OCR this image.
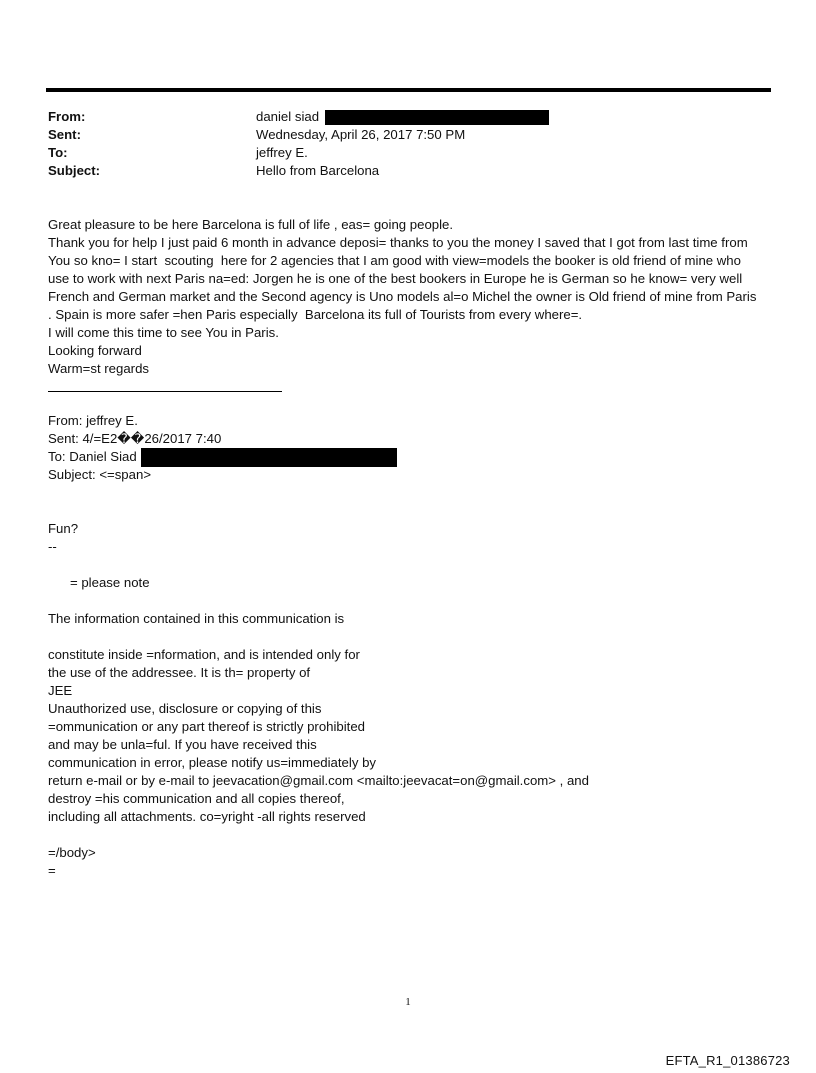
From:	daniel siad
Sent:	Wednesday, April 26, 2017 7:50 PM
To:	jeffrey E.
Subject:	Hello from Barcelona
Great pleasure to be here Barcelona is full of life , eas= going people.
Thank you for help I just paid 6 month in advance deposi= thanks to you the money I saved that I got from last time from
You so kno= I start  scouting  here for 2 agencies that I am good with view=models the booker is old friend of mine who
use to work with next Paris na=ed: Jorgen he is one of the best bookers in Europe he is German so he know= very well
French and German market and the Second agency is Uno models al=o Michel the owner is Old friend of mine from Paris
. Spain is more safer =hen Paris especially  Barcelona its full of Tourists from every where=.
I will come this time to see You in Paris.
Looking forward
Warm=st regards
From: jeffrey E.
Sent: 4/=E2��26/2017 7:40
To: Daniel Siad
Subject: <=span>
Fun?
--
= please note
The information contained in this communication is
constitute inside =nformation, and is intended only for
the use of the addressee. It is th= property of
JEE
Unauthorized use, disclosure or copying of this
=ommunication or any part thereof is strictly prohibited
and may be unla=ful. If you have received this
communication in error, please notify us=immediately by
return e-mail or by e-mail to jeevacation@gmail.com <mailto:jeevacat=on@gmail.com> , and
destroy =his communication and all copies thereof,
including all attachments. co=yright -all rights reserved
=/body>
=
1
EFTA_R1_01386723
